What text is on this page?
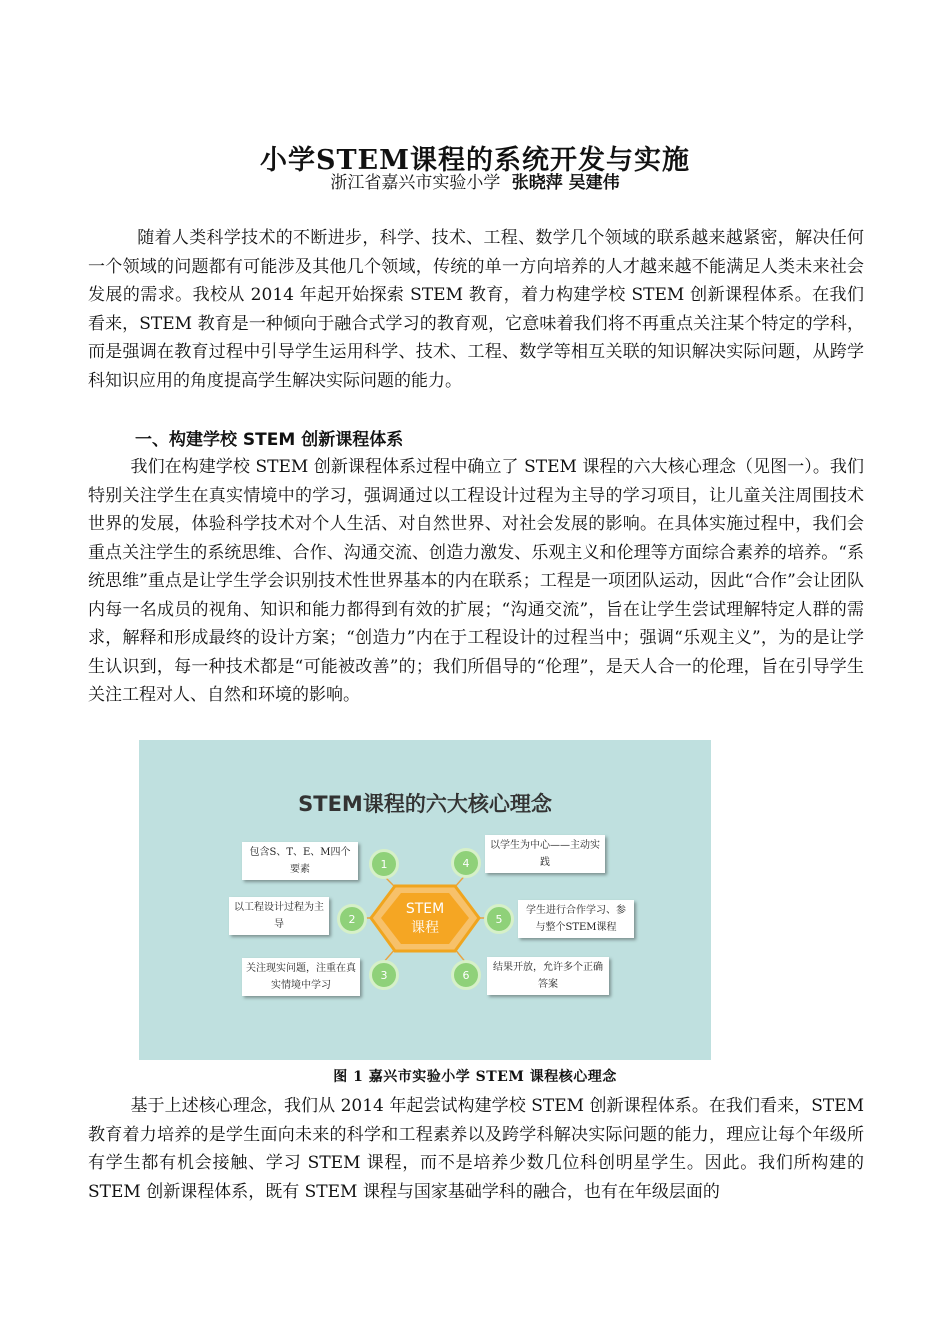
小学STEM课程的系统开发与实施
浙江省嘉兴市实验小学 张晓萍 吴建伟

随着人类科学技术的不断进步，科学、技术、工程、数学几个领域的联系越来越紧密，解决任何一个领域的问题都有可能涉及其他几个领域，传统的单一方向培养的人才越来越不能满足人类未来社会发展的需求。我校从 2014 年起开始探索 STEM 教育，着力构建学校 STEM 创新课程体系。在我们看来，STEM 教育是一种倾向于融合式学习的教育观，它意味着我们将不再重点关注某个特定的学科，而是强调在教育过程中引导学生运用科学、技术、工程、数学等相互关联的知识解决实际问题，从跨学科知识应用的角度提高学生解决实际问题的能力。

一、构建学校 STEM 创新课程体系

我们在构建学校 STEM 创新课程体系过程中确立了 STEM 课程的六大核心理念（见图一）。我们特别关注学生在真实情境中的学习，强调通过以工程设计过程为主导的学习项目，让儿童关注周围技术世界的发展，体验科学技术对个人生活、对自然世界、对社会发展的影响。在具体实施过程中，我们会重点关注学生的系统思维、合作、沟通交流、创造力激发、乐观主义和伦理等方面综合素养的培养。“系统思维”重点是让学生学会识别技术性世界基本的内在联系；工程是一项团队运动，因此“合作”会让团队内每一名成员的视角、知识和能力都得到有效的扩展；“沟通交流”，旨在让学生尝试理解特定人群的需求，解释和形成最终的设计方案；“创造力”内在于工程设计的过程当中；强调“乐观主义”，为的是让学生认识到，每一种技术都是“可能被改善”的；我们所倡导的“伦理”，是天人合一的伦理，旨在引导学生关注工程对人、自然和环境的影响。

STEM课程的六大核心理念
STEM
课程
包含S、T、E、M四个要素
以工程设计过程为主导
关注现实问题，注重在真实情境中学习
以学生为中心——主动实践
学生进行合作学习、参与整个STEM课程
结果开放，允许多个正确答案
1
2
3
4
5
6
图 1 嘉兴市实验小学 STEM 课程核心理念

基于上述核心理念，我们从 2014 年起尝试构建学校 STEM 创新课程体系。在我们看来，STEM 教育着力培养的是学生面向未来的科学和工程素养以及跨学科解决实际问题的能力，理应让每个年级所有学生都有机会接触、学习 STEM 课程，而不是培养少数几位科创明星学生。因此。我们所构建的 STEM 创新课程体系，既有 STEM 课程与国家基础学科的融合，也有在年级层面的
